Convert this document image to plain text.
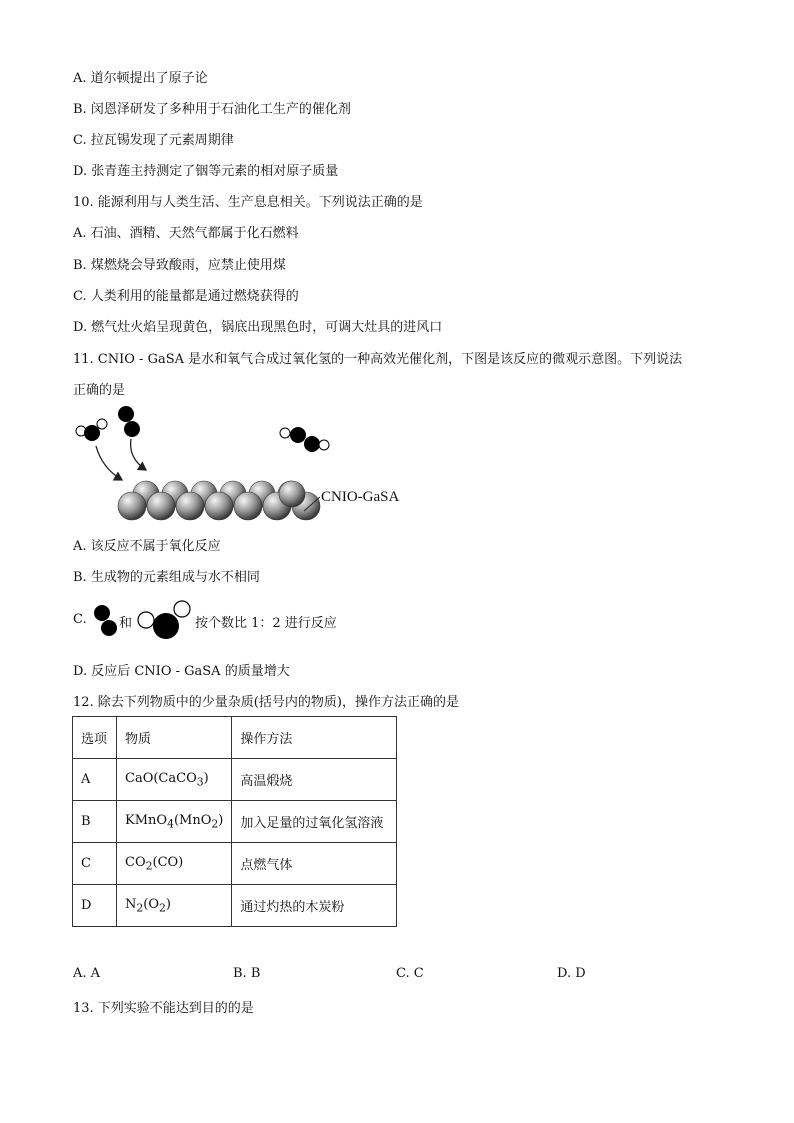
A. 道尔顿提出了原子论
B. 闵恩泽研发了多种用于石油化工生产的催化剂
C. 拉瓦锡发现了元素周期律
D. 张青莲主持测定了铟等元素的相对原子质量
10. 能源利用与人类生活、生产息息相关。下列说法正确的是
A. 石油、酒精、天然气都属于化石燃料
B. 煤燃烧会导致酸雨，应禁止使用煤
C. 人类利用的能量都是通过燃烧获得的
D. 燃气灶火焰呈现黄色，锅底出现黑色时，可调大灶具的进风口
11. CNIO - GaSA 是水和氧气合成过氧化氢的一种高效光催化剂，下图是该反应的微观示意图。下列说法
正确的是
CNIO-GaSA
A. 该反应不属于氧化反应
B. 生成物的元素组成与水不相同
C. 和	按个数比 1：2 进行反应
D. 反应后 CNIO - GaSA 的质量增大
12. 除去下列物质中的少量杂质(括号内的物质)，操作方法正确的是
选项	物质	操作方法
A	CaO(CaCO$_3$)	高温煅烧
B	KMnO$_4$(MnO$_2$)	加入足量的过氧化氢溶液
C	$CO_2(CO)$	点燃气体
D	$N_2(O_2)$	通过灼热的木炭粉
A. A	B. B	C. C	D. D
13. 下列实验不能达到目的的是
